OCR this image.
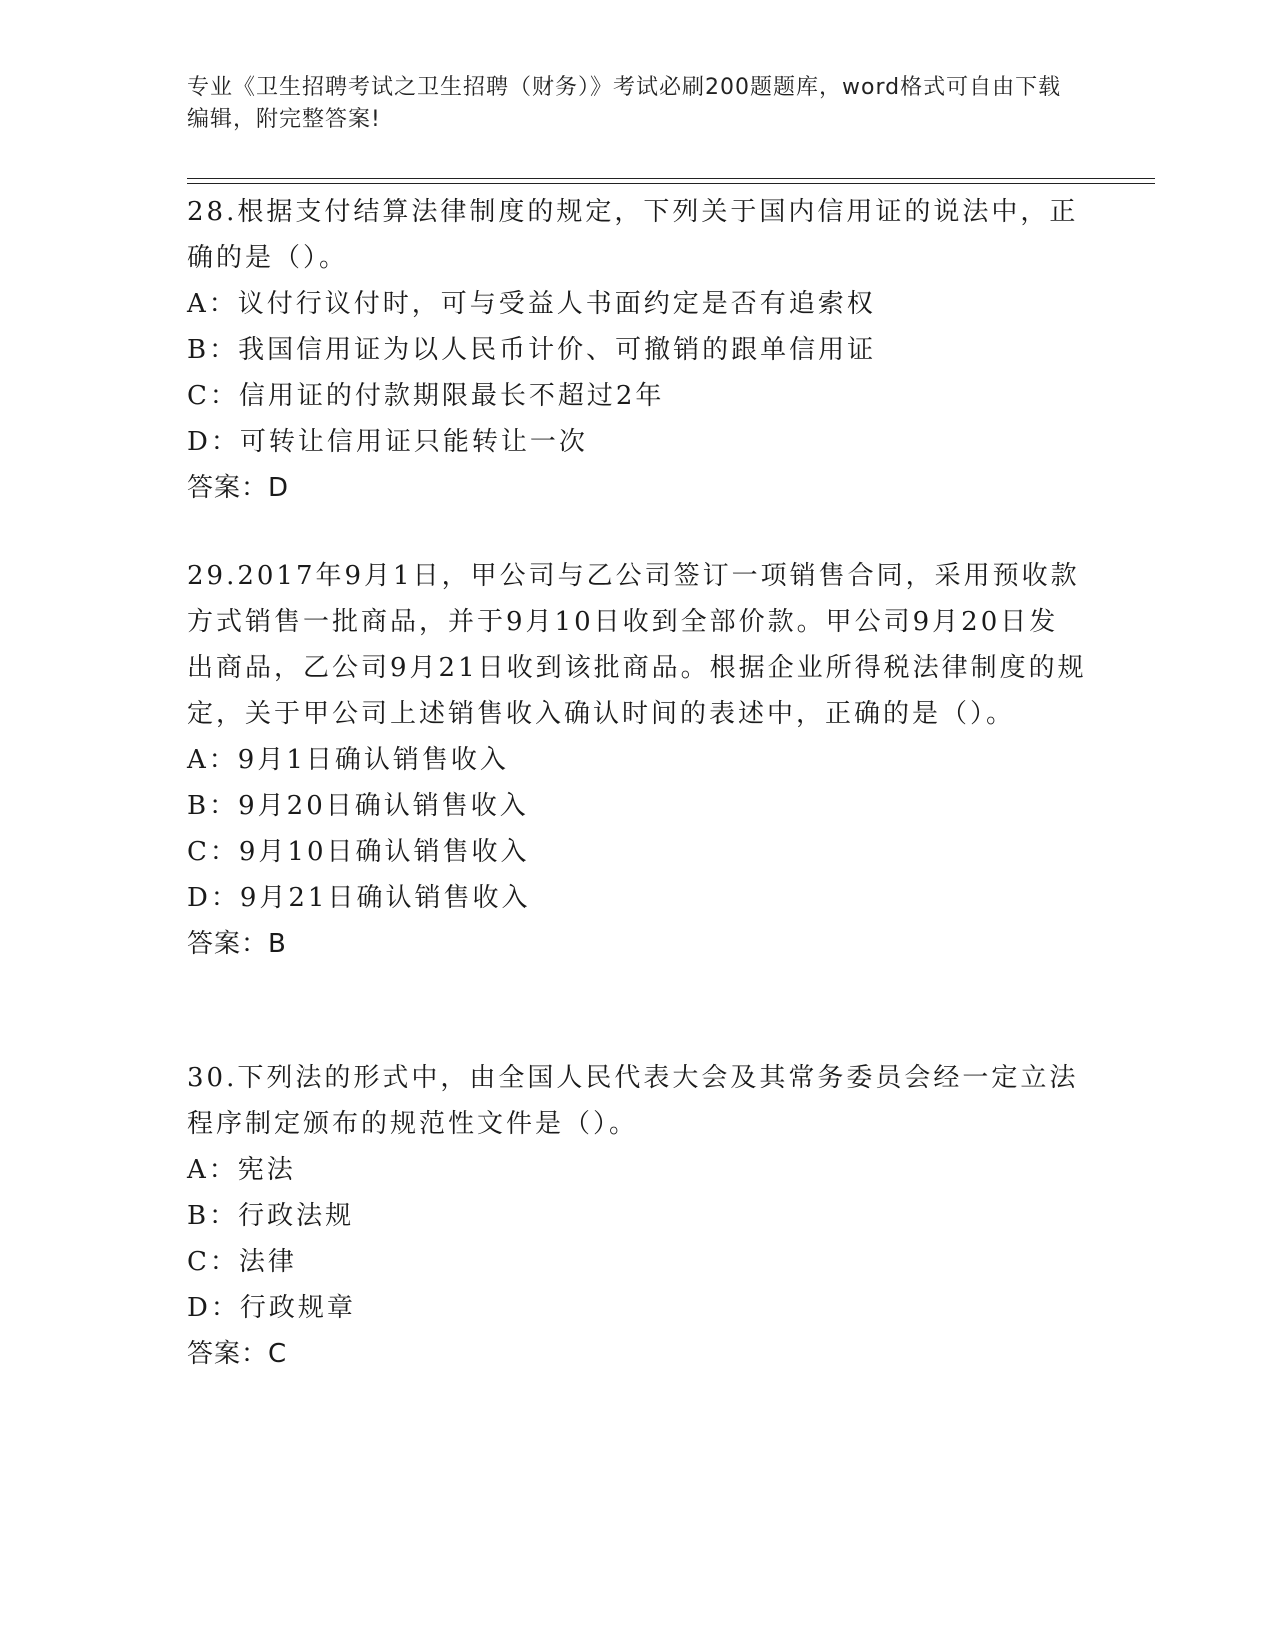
专业《卫生招聘考试之卫生招聘（财务）》考试必刷200题题库，word格式可自由下载编辑，附完整答案!

28.根据支付结算法律制度的规定，下列关于国内信用证的说法中，正确的是（）。

A：议付行议付时，可与受益人书面约定是否有追索权

B：我国信用证为以人民币计价、可撤销的跟单信用证

C：信用证的付款期限最长不超过2年

D：可转让信用证只能转让一次

答案：D

29.2017年9月1日，甲公司与乙公司签订一项销售合同，采用预收款方式销售一批商品，并于9月10日收到全部价款。甲公司9月20日发出商品，乙公司9月21日收到该批商品。根据企业所得税法律制度的规定，关于甲公司上述销售收入确认时间的表述中，正确的是（）。

A：9月1日确认销售收入

B：9月20日确认销售收入

C：9月10日确认销售收入

D：9月21日确认销售收入

答案：B

30.下列法的形式中，由全国人民代表大会及其常务委员会经一定立法程序制定颁布的规范性文件是（）。

A：宪法

B：行政法规

C：法律

D：行政规章

答案：C
